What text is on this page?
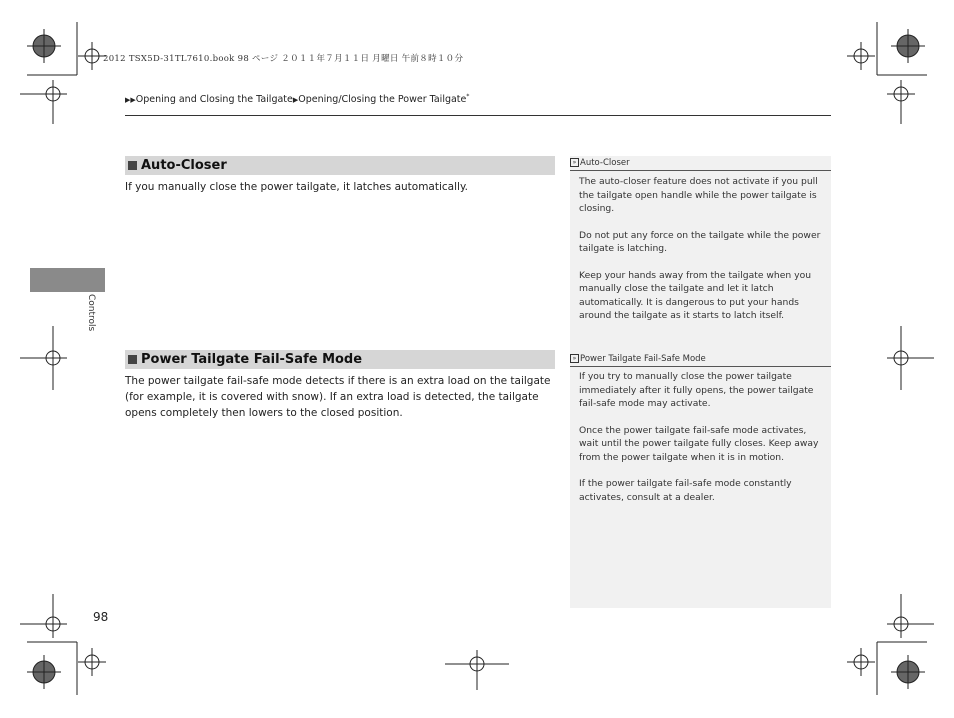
2012 TSX5D-31TL7610.book 98 ページ ２０１１年７月１１日 月曜日 午前８時１０分
▶▶Opening and Closing the Tailgate▶Opening/Closing the Power Tailgate*
Auto-Closer
If you manually close the power tailgate, it latches automatically.
» Auto-Closer

The auto-closer feature does not activate if you pull the tailgate open handle while the power tailgate is closing.

Do not put any force on the tailgate while the power tailgate is latching.

Keep your hands away from the tailgate when you manually close the tailgate and let it latch automatically. It is dangerous to put your hands around the tailgate as it starts to latch itself.

Power Tailgate Fail-Safe Mode
The power tailgate fail-safe mode detects if there is an extra load on the tailgate (for example, it is covered with snow). If an extra load is detected, the tailgate opens completely then lowers to the closed position.
» Power Tailgate Fail-Safe Mode

If you try to manually close the power tailgate immediately after it fully opens, the power tailgate fail-safe mode may activate.

Once the power tailgate fail-safe mode activates, wait until the power tailgate fully closes. Keep away from the power tailgate when it is in motion.

If the power tailgate fail-safe mode constantly activates, consult at a dealer.

Controls
98
